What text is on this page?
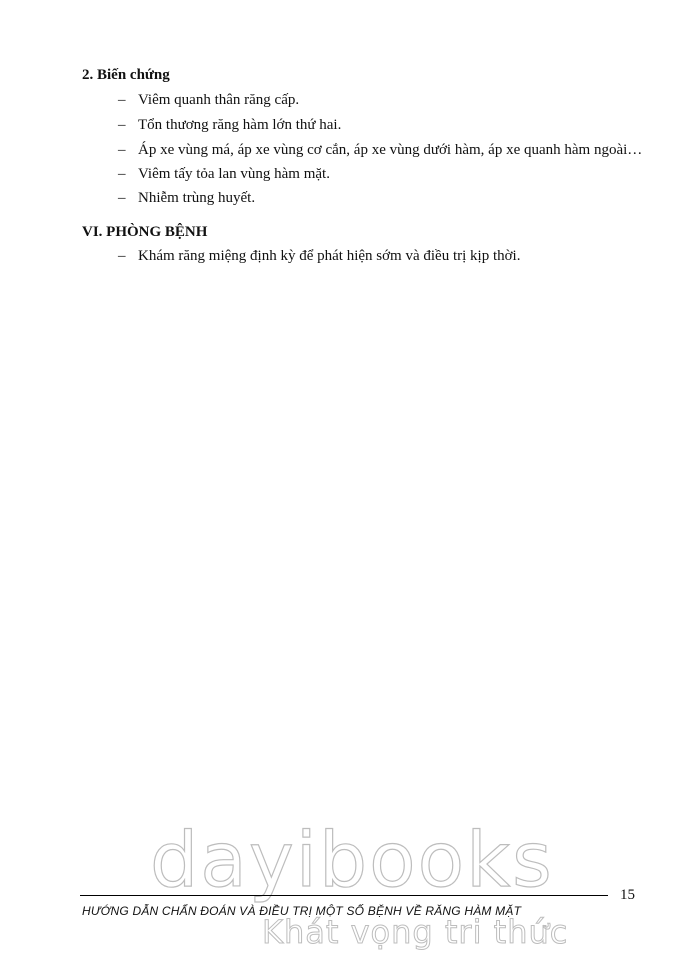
2. Biến chứng
– Viêm quanh thân răng cấp.
– Tổn thương răng hàm lớn thứ hai.
– Áp xe vùng má, áp xe vùng cơ cắn, áp xe vùng dưới hàm, áp xe quanh hàm ngoài…
– Viêm tấy tỏa lan vùng hàm mặt.
– Nhiễm trùng huyết.
VI. PHÒNG BỆNH
– Khám răng miệng định kỳ để phát hiện sớm và điều trị kịp thời.
dayibooks	15
HƯỚNG DẪN CHẨN ĐOÁN VÀ ĐIỀU TRỊ MỘT SỐ BỆNH VỀ RĂNG HÀM MẶT
Khát vọng tri thức
